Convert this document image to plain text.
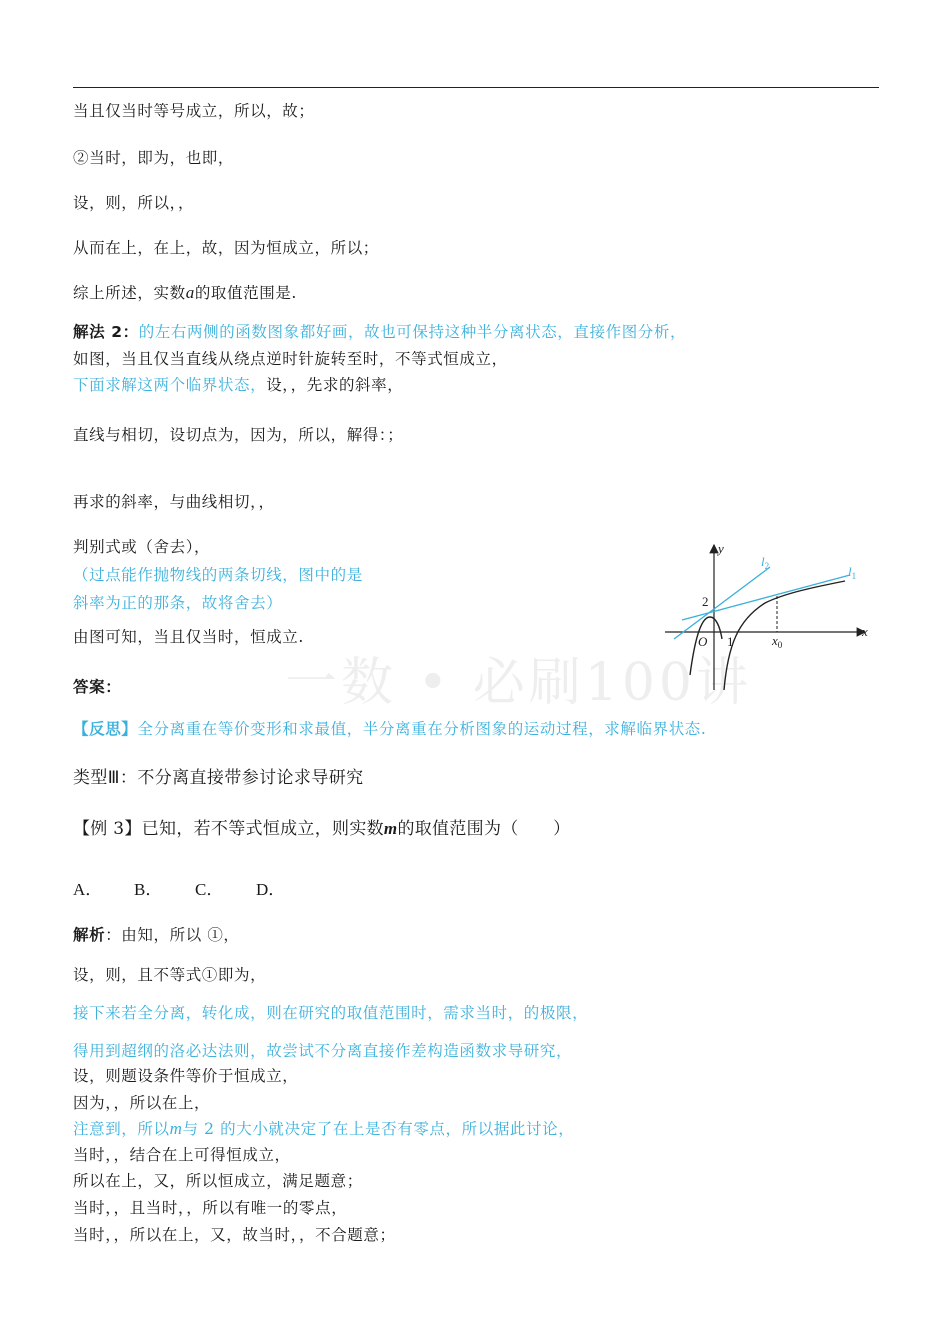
一数 • 必刷100讲
当且仅当时等号成立，所以，故；
②当时，即为，也即，
设，则，所以，，
从而在上，在上，故，因为恒成立，所以；
综上所述，实数a的取值范围是.
解法 2：的左右两侧的函数图象都好画，故也可保持这种半分离状态，直接作图分析，
如图，当且仅当直线从绕点逆时针旋转至时，不等式恒成立，
下面求解这两个临界状态，设，，先求的斜率，
直线与相切，设切点为，因为，所以，解得：；
再求的斜率，与曲线相切，，
判别式或（舍去），
（过点能作抛物线的两条切线，图中的是
斜率为正的那条，故将舍去）
由图可知，当且仅当时，恒成立.
答案：
【反思】全分离重在等价变形和求最值，半分离重在分析图象的运动过程，求解临界状态.
类型Ⅲ：不分离直接带参讨论求导研究
【例 3】已知，若不等式恒成立，则实数m的取值范围为（　　）
A． B． C． D．
解析：由知，所以 ①，
设，则，且不等式①即为，
接下来若全分离，转化成，则在研究的取值范围时，需求当时，的极限，
得用到超纲的洛必达法则，故尝试不分离直接作差构造函数求导研究，
设，则题设条件等价于恒成立，
因为，，所以在上，
注意到，所以m与 2 的大小就决定了在上是否有零点，所以据此讨论，
当时，，结合在上可得恒成立，
所以在上，又，所以恒成立，满足题意；
当时，，且当时，，所以有唯一的零点，
当时，，所以在上，又，故当时，，不合题意；
y
x
O 1
2
$x_0$
$l_1$
$l_2$
